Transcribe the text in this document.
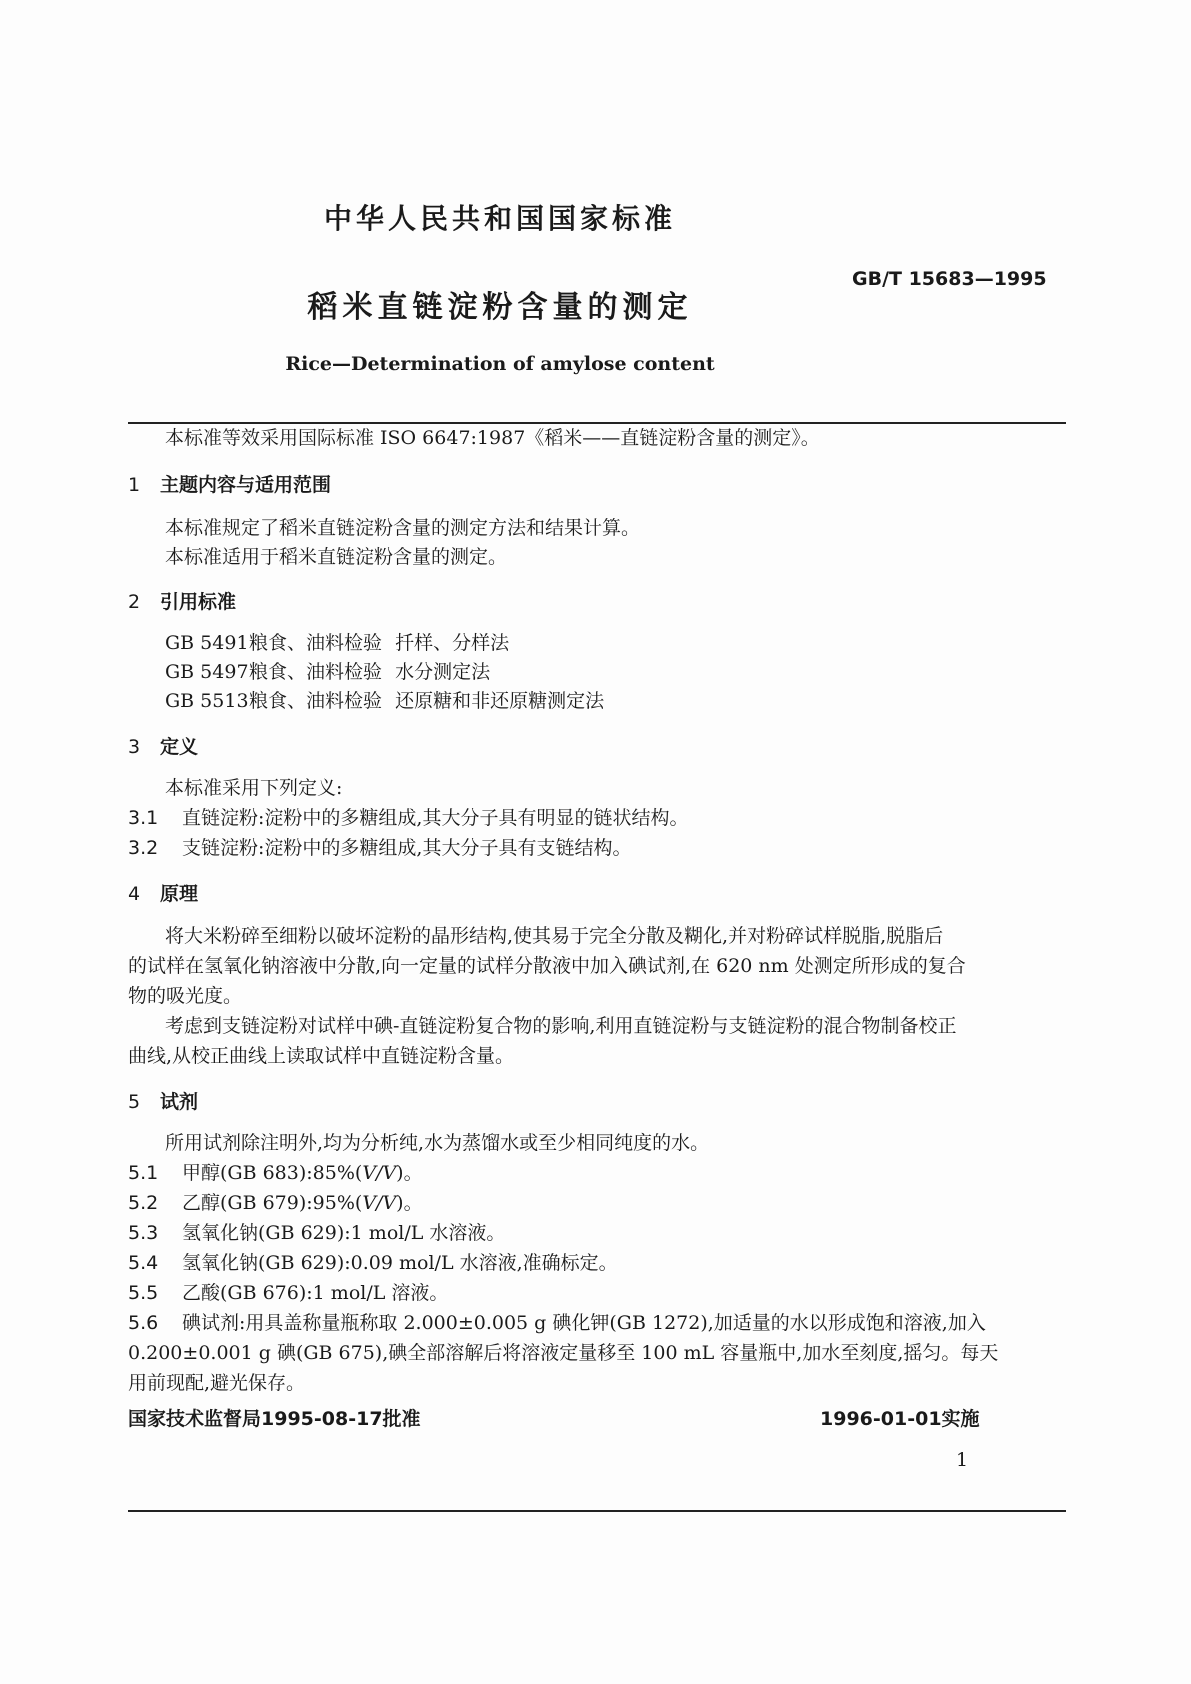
中华人民共和国国家标准
GB/T 15683—1995
稻米直链淀粉含量的测定
Rice—Determination of amylose content
本标准等效采用国际标准 ISO 6647:1987《稻米——直链淀粉含量的测定》。
1 主题内容与适用范围
本标准规定了稻米直链淀粉含量的测定方法和结果计算。
本标准适用于稻米直链淀粉含量的测定。
2 引用标准
GB 5491 粮食、油料检验 扦样、分样法
GB 5497 粮食、油料检验 水分测定法
GB 5513 粮食、油料检验 还原糖和非还原糖测定法
3 定义
本标准采用下列定义:
3.1 直链淀粉:淀粉中的多糖组成,其大分子具有明显的链状结构。
3.2 支链淀粉:淀粉中的多糖组成,其大分子具有支链结构。
4 原理
将大米粉碎至细粉以破坏淀粉的晶形结构,使其易于完全分散及糊化,并对粉碎试样脱脂,脱脂后
的试样在氢氧化钠溶液中分散,向一定量的试样分散液中加入碘试剂,在 620 nm 处测定所形成的复合
物的吸光度。
考虑到支链淀粉对试样中碘-直链淀粉复合物的影响,利用直链淀粉与支链淀粉的混合物制备校正
曲线,从校正曲线上读取试样中直链淀粉含量。
5 试剂
所用试剂除注明外,均为分析纯,水为蒸馏水或至少相同纯度的水。
5.1 甲醇(GB 683):85%(V/V)。
5.2 乙醇(GB 679):95%(V/V)。
5.3 氢氧化钠(GB 629):1 mol/L 水溶液。
5.4 氢氧化钠(GB 629):0.09 mol/L 水溶液,准确标定。
5.5 乙酸(GB 676):1 mol/L 溶液。
5.6 碘试剂:用具盖称量瓶称取 2.000±0.005 g 碘化钾(GB 1272),加适量的水以形成饱和溶液,加入
0.200±0.001 g 碘(GB 675),碘全部溶解后将溶液定量移至 100 mL 容量瓶中,加水至刻度,摇匀。每天
用前现配,避光保存。
国家技术监督局1995-08-17批准	1996-01-01实施
1
